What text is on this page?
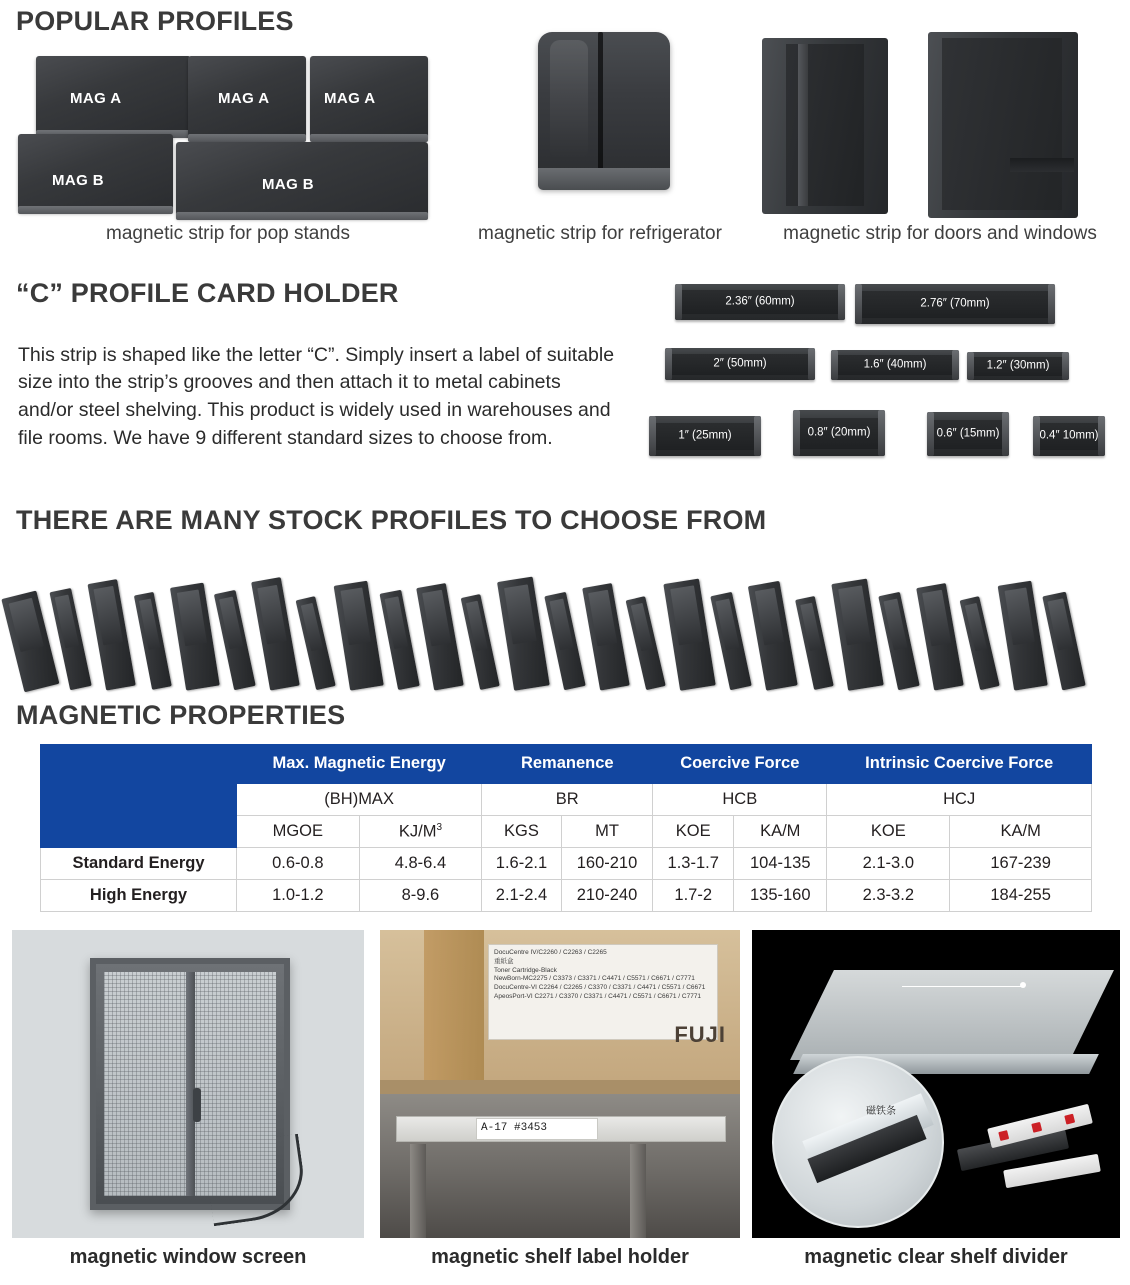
POPULAR PROFILES
MAG A
MAG B
MAG A	MAG A
MAG B
magnetic strip for pop stands	magnetic strip for refrigerator	magnetic strip for doors and windows
“C” PROFILE CARD HOLDER

This strip is shaped like the letter “C”. Simply insert a label of suitable size into the strip’s grooves and then attach it to metal cabinets and/or steel shelving. This product is widely used in warehouses and file rooms. We have 9 different standard sizes to choose from.

2.36″ (60mm)	2.76″ (70mm)
2″ (50mm)	1.6″ (40mm)	1.2″ (30mm)
1″ (25mm)	0.8″ (20mm)	0.6″ (15mm)	0.4″ 10mm)
THERE ARE MANY STOCK PROFILES TO CHOOSE FROM
MAGNETIC PROPERTIES
	Max. Magnetic Energy		Remanence		Coercive Force		Intrinsic Coercive Force	
	(BH)MAX		BR		HCB		HCJ	
	MGOE	$KJ/M^3$	KGS	MT	KOE	KA/M	KOE	KA/M
Standard Energy	0.6-0.8	4.8-6.4	1.6-2.1	160-210	1.3-1.7	104-135	2.1-3.0	167-239
High Energy	1.0-1.2	8-9.6	2.1-2.4	210-240	1.7-2	135-160	2.3-3.2	184-255
DocuCentre IV/C2260 / C2263 / C2265
重紙盒
Toner Cartridge-Black
NewBorn-MC2275 / C3373 / C3371 / C4471 / C5571 / C6671 / C7771
DocuCentre-VI C2264 / C2265 / C3370 / C3371 / C4471 / C5571 / C6671
ApeosPort-VI C2271 / C3370 / C3371 / C4471 / C5571 / C6671 / C7771
FUJI
A-17 #3453
磁铁条
magnetic window screen	magnetic shelf label holder	magnetic clear shelf divider
